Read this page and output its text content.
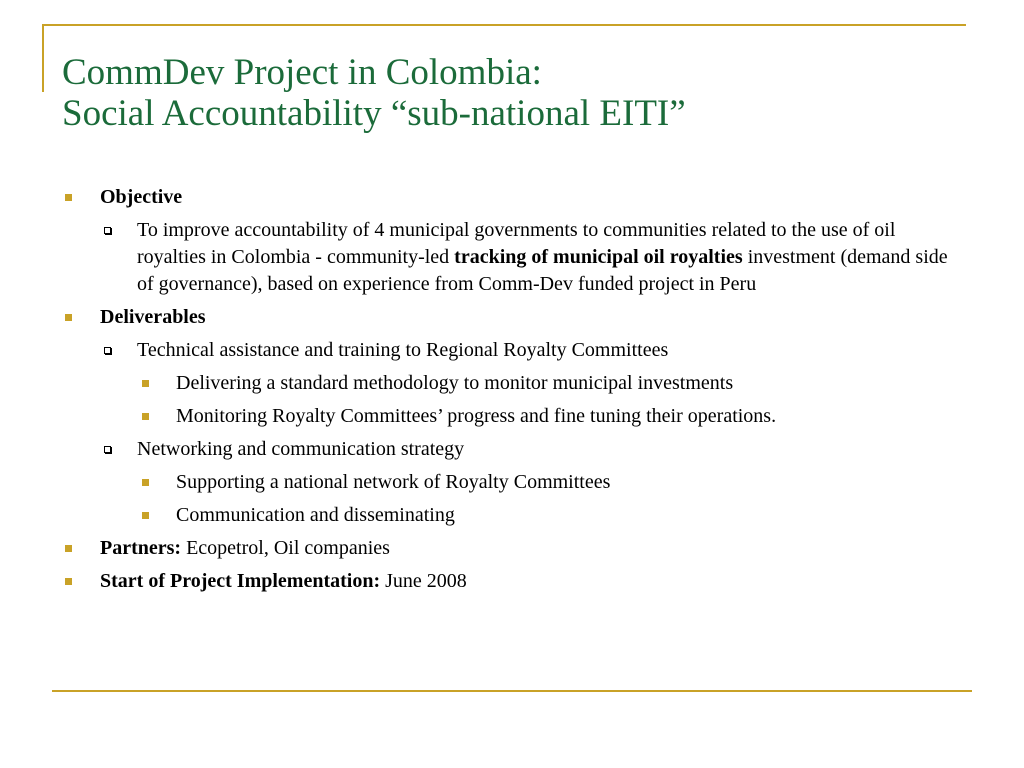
CommDev Project in Colombia:
Social Accountability “sub-national EITI”
Objective
To improve accountability of 4 municipal governments to communities related to the use of oil royalties in Colombia - community-led tracking of municipal oil royalties investment (demand side of governance), based on experience from Comm-Dev funded project in Peru
Deliverables
Technical assistance and training to Regional Royalty Committees
Delivering a standard methodology to monitor municipal investments
Monitoring Royalty Committees’ progress and fine tuning their operations.
Networking and communication strategy
Supporting a national network of Royalty Committees
Communication and disseminating
Partners: Ecopetrol, Oil companies
Start of Project Implementation: June 2008
